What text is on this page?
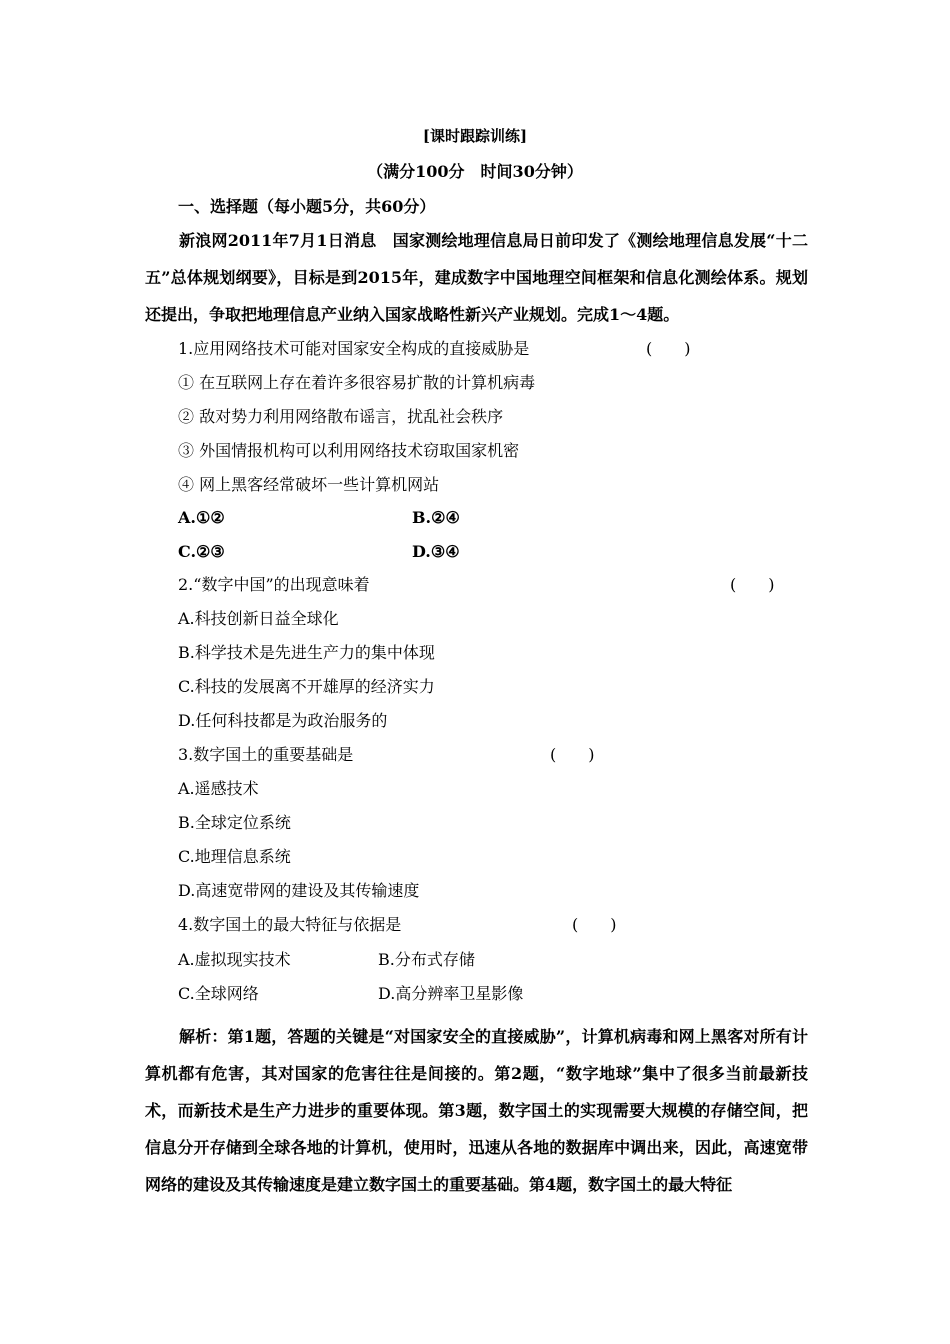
[课时跟踪训练]
（满分100分　时间30分钟）
一、选择题（每小题5分，共60分）
新浪网2011年7月1日消息　国家测绘地理信息局日前印发了《测绘地理信息发展“十二五”总体规划纲要》，目标是到2015年，建成数字中国地理空间框架和信息化测绘体系。规划还提出，争取把地理信息产业纳入国家战略性新兴产业规划。完成1～4题。
1.应用网络技术可能对国家安全构成的直接威胁是	(　　)
① 在互联网上存在着许多很容易扩散的计算机病毒
② 敌对势力利用网络散布谣言，扰乱社会秩序
③ 外国情报机构可以利用网络技术窃取国家机密
④ 网上黑客经常破坏一些计算机网站
A.①②	B.②④
C.②③	D.③④
2.“数字中国”的出现意味着	(　　)
A.科技创新日益全球化
B.科学技术是先进生产力的集中体现
C.科技的发展离不开雄厚的经济实力
D.任何科技都是为政治服务的
3.数字国土的重要基础是	(　　)
A.遥感技术
B.全球定位系统
C.地理信息系统
D.高速宽带网的建设及其传输速度
4.数字国土的最大特征与依据是	(　　)
A.虚拟现实技术	B.分布式存储
C.全球网络	D.高分辨率卫星影像
解析：第1题，答题的关键是“对国家安全的直接威胁”，计算机病毒和网上黑客对所有计算机都有危害，其对国家的危害往往是间接的。第2题，“数字地球”集中了很多当前最新技术，而新技术是生产力进步的重要体现。第3题，数字国土的实现需要大规模的存储空间，把信息分开存储到全球各地的计算机，使用时，迅速从各地的数据库中调出来，因此，高速宽带网络的建设及其传输速度是建立数字国土的重要基础。第4题，数字国土的最大特征
